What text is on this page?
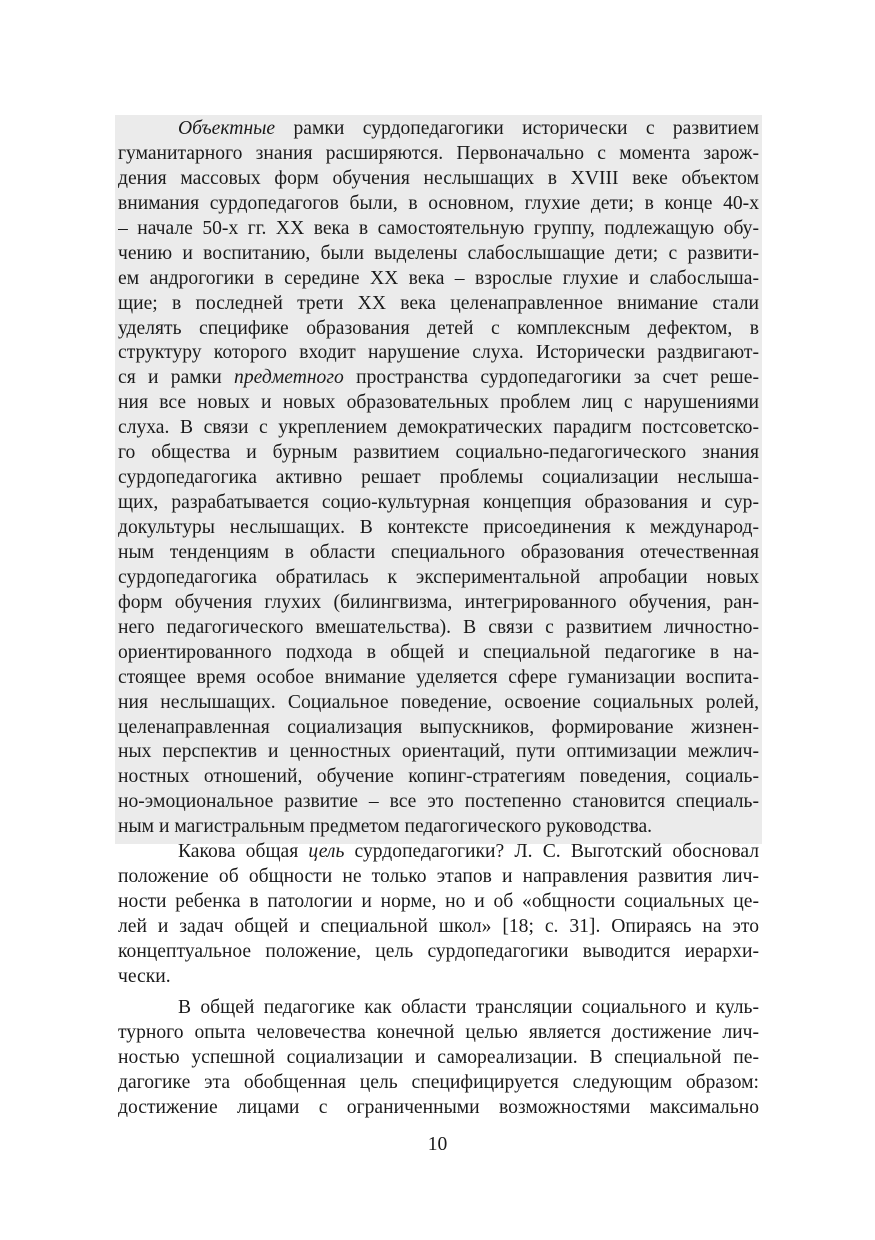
Объектные рамки сурдопедагогики исторически с развитием
гуманитарного знания расширяются. Первоначально с момента зарож-
дения массовых форм обучения неслышащих в XVIII веке объектом
внимания сурдопедагогов были, в основном, глухие дети; в конце 40-х
– начале 50-х гг. XX века в самостоятельную группу, подлежащую обу-
чению и воспитанию, были выделены слабослышащие дети; с развити-
ем андрогогики в середине XX века – взрослые глухие и слабослыша-
щие; в последней трети XX века целенаправленное внимание стали
уделять специфике образования детей с комплексным дефектом, в
структуру которого входит нарушение слуха. Исторически раздвигают-
ся и рамки предметного пространства сурдопедагогики за счет реше-
ния все новых и новых образовательных проблем лиц с нарушениями
слуха. В связи с укреплением демократических парадигм постсоветско-
го общества и бурным развитием социально-педагогического знания
сурдопедагогика активно решает проблемы социализации неслыша-
щих, разрабатывается социо-культурная концепция образования и сур-
докультуры неслышащих. В контексте присоединения к международ-
ным тенденциям в области специального образования отечественная
сурдопедагогика обратилась к экспериментальной апробации новых
форм обучения глухих (билингвизма, интегрированного обучения, ран-
него педагогического вмешательства). В связи с развитием личностно-
ориентированного подхода в общей и специальной педагогике в на-
стоящее время особое внимание уделяется сфере гуманизации воспита-
ния неслышащих. Социальное поведение, освоение социальных ролей,
целенаправленная социализация выпускников, формирование жизнен-
ных перспектив и ценностных ориентаций, пути оптимизации межлич-
ностных отношений, обучение копинг-стратегиям поведения, социаль-
но-эмоциональное развитие – все это постепенно становится специаль-
ным и магистральным предметом педагогического руководства.
Какова общая цель сурдопедагогики? Л. С. Выготский обосновал
положение об общности не только этапов и направления развития лич-
ности ребенка в патологии и норме, но и об «общности социальных це-
лей и задач общей и специальной школ» [18; с. 31]. Опираясь на это
концептуальное положение, цель сурдопедагогики выводится иерархи-
чески.
В общей педагогике как области трансляции социального и куль-
турного опыта человечества конечной целью является достижение лич-
ностью успешной социализации и самореализации. В специальной пе-
дагогике эта обобщенная цель специфицируется следующим образом:
достижение лицами с ограниченными возможностями максимально
10
